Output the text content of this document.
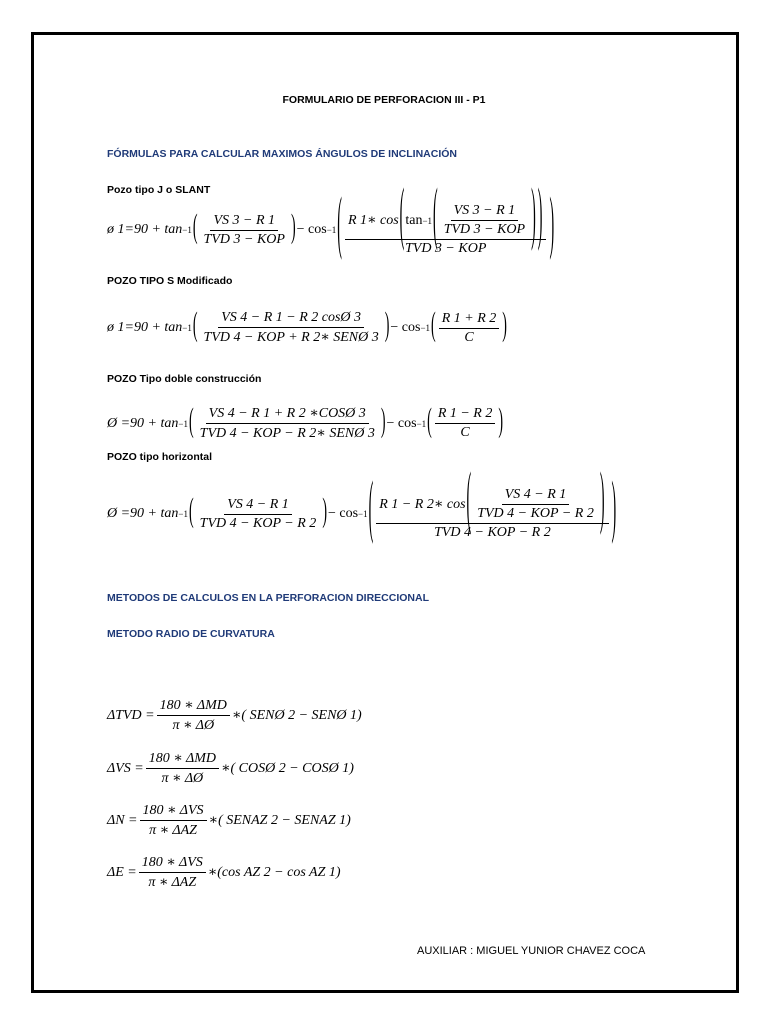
FORMULARIO DE PERFORACION III - P1
FÓRMULAS PARA CALCULAR MAXIMOS ÁNGULOS DE INCLINACIÓN
Pozo tipo J o SLANT
ø 1=90 + tan −1 ( $\frac{VS 3 - R 1}{\text{TVD 3 − KOP}}$ ) − cos −1 ( R 1∗ cos ( tan −1 ( $\frac{VS 3 - R 1}{\text{TVD 3 − KOP}}$ ) )
TVD 3 − KOP	)
POZO TIPO S Modificado
ø 1=90 + tan −1 ( $\frac{VS 4 - R 1 - R 2 \cos Ø 3}{\text{TVD 4 − KOP + R 2∗ SENØ 3}}$ ) − cos −1 ( $\frac{R 1 + R 2}{C}$ )
POZO Tipo doble construcción
Ø =90 + tan −1 ( $\frac{\text{VS 4 − R 1 + R 2 ∗COSØ 3}}{\text{TVD 4 − KOP − R 2∗ SENØ 3}}$ ) − cos −1 ( $\frac{R 1 - R 2}{C}$ )
POZO tipo horizontal
Ø =90 + tan −1 ( $\frac{VS 4 - R 1}{\text{TVD 4 − KOP − R 2}}$ ) − cos −1 ( R 1 − R 2∗ cos ( $\frac{VS 4 - R 1}{\text{TVD 4 − KOP − R 2}}$ )
TVD 4 − KOP − R 2	)
METODOS DE CALCULOS EN LA PERFORACION DIRECCIONAL
METODO RADIO DE CURVATURA
$\Delta TVD = \frac{\text{180 ∗ ΔMD}}{\pi ∗ \Delta Ø}$ ∗( SENØ 2 − SENØ 1)
$\Delta VS = \frac{\text{180 ∗ ΔMD}}{\pi ∗ \Delta Ø}$ ∗( COSØ 2 − COSØ 1)
$\Delta N = \frac{\text{180 ∗ ΔVS}}{\text{π ∗ ΔAZ}}$ ∗( SENAZ 2 − SENAZ 1)
$\Delta E = \frac{\text{180 ∗ ΔVS}}{\text{π ∗ ΔAZ}}$ ∗(cos AZ 2 − cos AZ 1)
AUXILIAR : MIGUEL YUNIOR CHAVEZ COCA
